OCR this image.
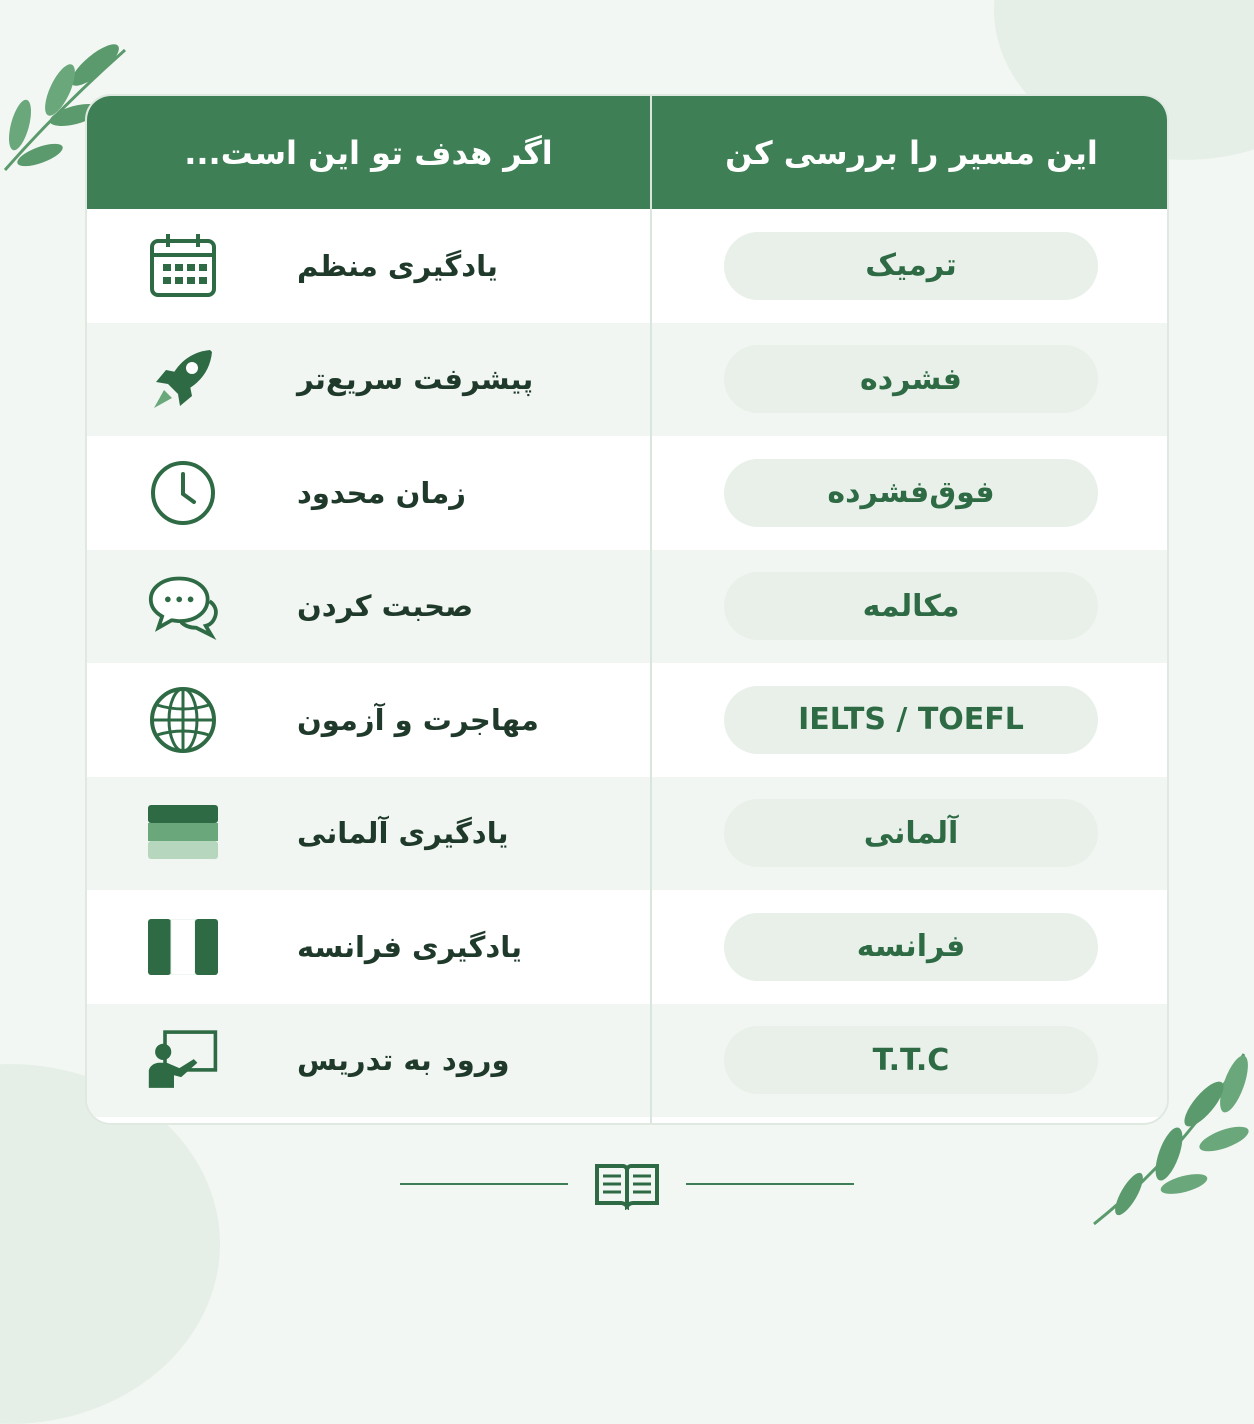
اگر هدف تو این است...	این مسیر را بررسی کن
یادگیری منظم	ترمیک
پیشرفت سریع‌تر	فشرده
زمان محدود	فوق‌فشرده
صحبت کردن	مکالمه
مهاجرت و آزمون	IELTS / TOEFL
یادگیری آلمانی	آلمانی
یادگیری فرانسه	فرانسه
ورود به تدریس	T.T.C
